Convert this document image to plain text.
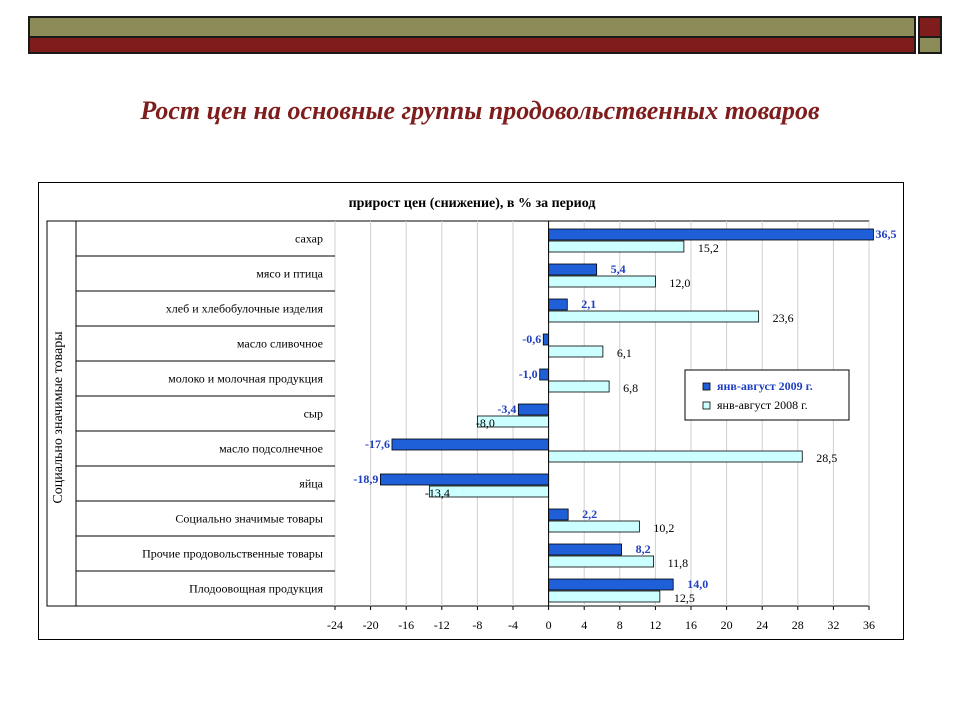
Рост цен на основные группы продовольственных товаров
прирост цен (снижение), в % за период
Социально значимые товары
сахар
мясо и птица
хлеб и хлебобулочные изделия
масло сливочное
молоко и молочная продукция
сыр
масло подсолнечное
яйца
Социально значимые товары
Прочие продовольственные товары
Плодоовощная продукция
36,5
15,2
5,4
12,0
2,1
23,6
-0,6
6,1
-1,0
6,8
-3,4
-8,0
-17,6
28,5
-18,9
-13,4
2,2
10,2
8,2
11,8
14,0
12,5
-24 -20 -16 -12 -8 -4 0 4 8 12 16 20 24 28 32 36
янв-август 2009 г.
янв-август 2008 г.
